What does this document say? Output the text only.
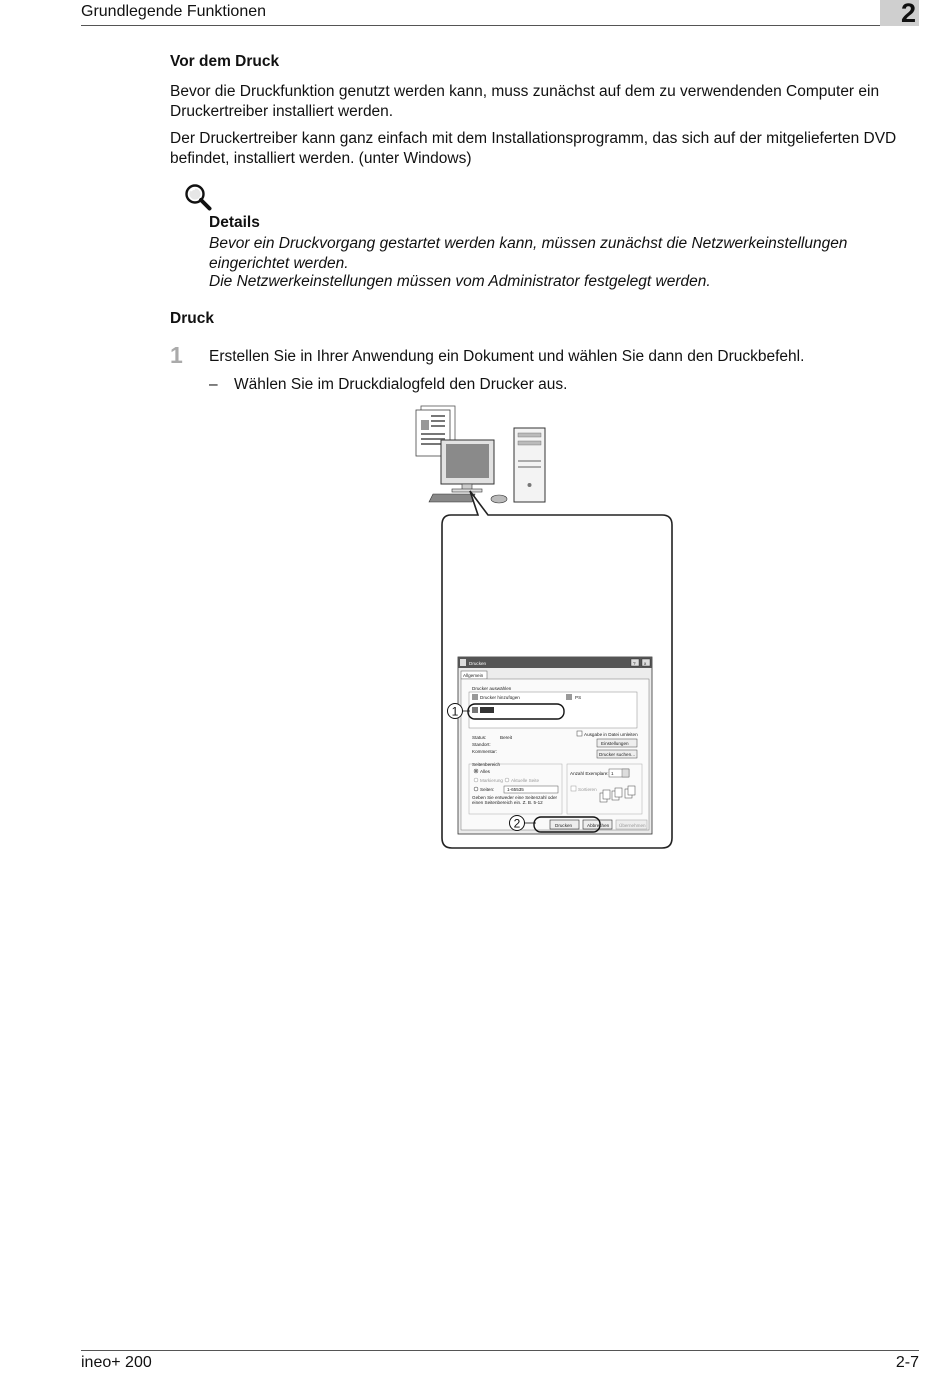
Grundlegende Funktionen	2
Vor dem Druck
Bevor die Druckfunktion genutzt werden kann, muss zunächst auf dem zu verwendenden Computer ein Druckertreiber installiert werden.
Der Druckertreiber kann ganz einfach mit dem Installationsprogramm, das sich auf der mitgelieferten DVD befindet, installiert werden. (unter Windows)
Details
Bevor ein Druckvorgang gestartet werden kann, müssen zunächst die Netzwerkeinstellungen eingerichtet werden.
Die Netzwerkeinstellungen müssen vom Administrator festgelegt werden.
Druck
1 Erstellen Sie in Ihrer Anwendung ein Dokument und wählen Sie dann den Druckbefehl.
– Wählen Sie im Druckdialogfeld den Drucker aus.
Drucken	? x
Allgemein
Drucker auswählen
Drucker hinzufügen	PS
Status:	Bereit
Standort:
Kommentar:
Ausgabe in Datei umleiten
Einstellungen
Drucker suchen...
Seitenbereich
Alles
Markierung Aktuelle Seite
Seiten:	1-65535
Geben Sie entweder eine Seitenzahl oder einen Seitenbereich ein. Z. B. 5-12
Anzahl Exemplare: 1
Sortieren
Drucken	Abbrechen Übernehmen
1
2
ineo+ 200	2-7
